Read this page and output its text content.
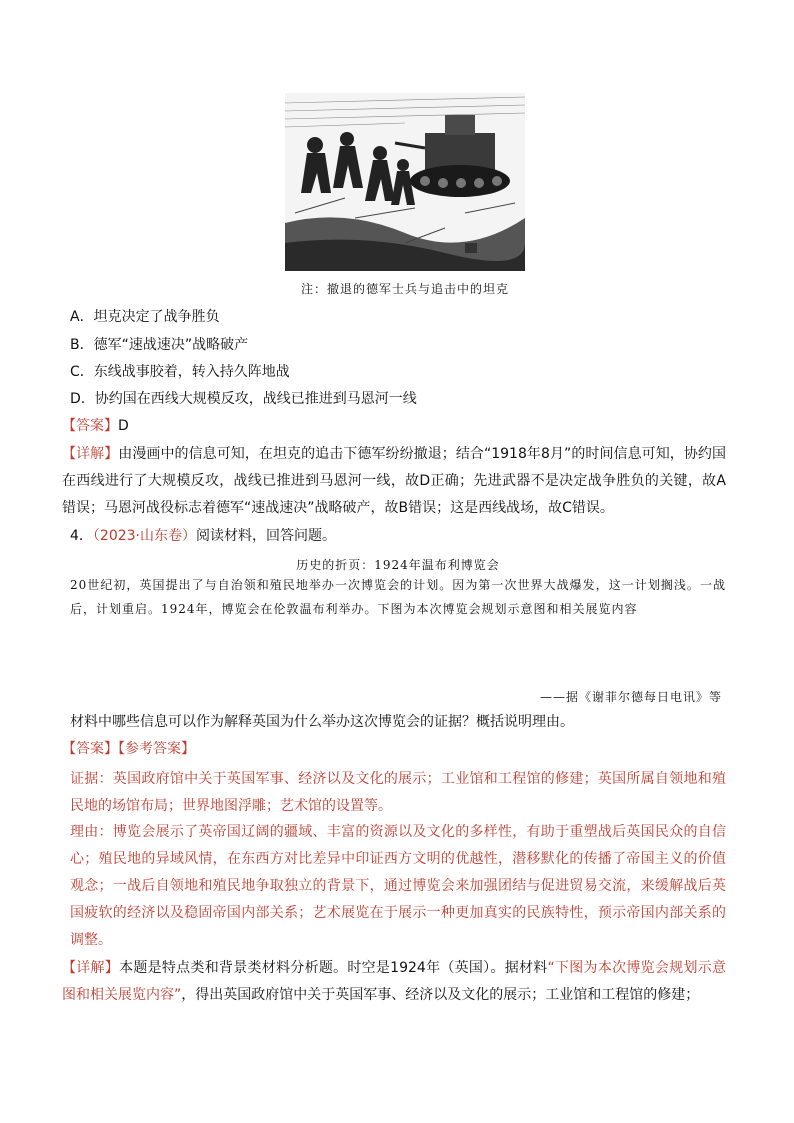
注：撤退的德军士兵与追击中的坦克
A．坦克决定了战争胜负
B．德军“速战速决”战略破产
C．东线战事胶着，转入持久阵地战
D．协约国在西线大规模反攻，战线已推进到马恩河一线
【答案】D
【详解】由漫画中的信息可知，在坦克的追击下德军纷纷撤退；结合“1918年8月”的时间信息可知，协约国在西线进行了大规模反攻，战线已推进到马恩河一线，故D正确；先进武器不是决定战争胜负的关键，故A错误；马恩河战役标志着德军“速战速决”战略破产，故B错误；这是西线战场，故C错误。
4．（2023·山东卷）阅读材料，回答问题。
历史的折页：1924年温布利博览会
20世纪初，英国提出了与自治领和殖民地举办一次博览会的计划。因为第一次世界大战爆发，这一计划搁浅。一战后，计划重启。1924年，博览会在伦敦温布利举办。下图为本次博览会规划示意图和相关展览内容
——据《谢菲尔德每日电讯》等
材料中哪些信息可以作为解释英国为什么举办这次博览会的证据？概括说明理由。
【答案】【参考答案】
证据：英国政府馆中关于英国军事、经济以及文化的展示；工业馆和工程馆的修建；英国所属自领地和殖民地的场馆布局；世界地图浮雕；艺术馆的设置等。
理由：博览会展示了英帝国辽阔的疆域、丰富的资源以及文化的多样性，有助于重塑战后英国民众的自信心；殖民地的异域风情，在东西方对比差异中印证西方文明的优越性，潜移默化的传播了帝国主义的价值观念；一战后自领地和殖民地争取独立的背景下，通过博览会来加强团结与促进贸易交流，来缓解战后英国疲软的经济以及稳固帝国内部关系；艺术展览在于展示一种更加真实的民族特性，预示帝国内部关系的调整。
【详解】本题是特点类和背景类材料分析题。时空是1924年（英国）。据材料“下图为本次博览会规划示意图和相关展览内容”，得出英国政府馆中关于英国军事、经济以及文化的展示；工业馆和工程馆的修建；
